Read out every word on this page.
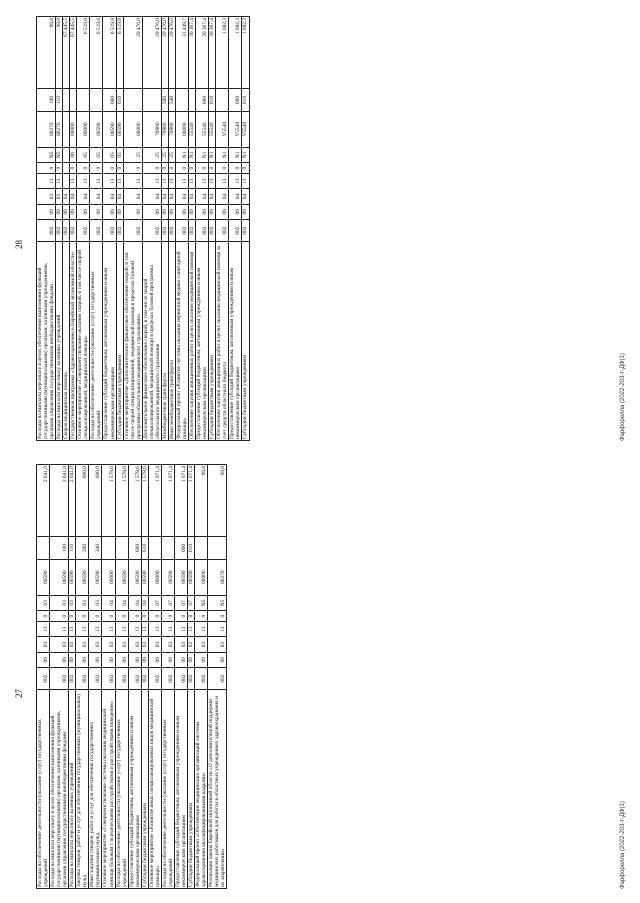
27
Расходы на обеспечение деятельности (оказание услуг) государственных учреждений	002	09	03	13	0	03	00590		2 641,0
Расходы на выплаты персоналу в целях обеспечения выполнения функций государственными (муниципальными) органами, казенными учреждениями, органами управления государственными внебюджетными фондами	002	09	03	13	0	03	00590	100	2 041,0
Расходы на выплаты персоналу казенных учреждений	002	09	03	13	0	03	00590	110	2 041,0
Закупка товаров, работ и услуг для обеспечения государственных (муниципальных) нужд	002	09	03	13	0	03	00590	200	600,0
Иные закупки товаров, работ и услуг для обеспечения государственных (муниципальных) нужд	002	09	03	13	0	03	00590	240	600,0
Основное мероприятие «Совершенствование системы оказания медицинской помощи больным с психическими расстройствами и расстройствами поведения»	002	09	03	13	0	04	00000		1 578,6
Расходы на обеспечение деятельности (оказание услуг) государственных учреждений	002	09	03	13	0	04	00590		1 578,6
Предоставление субсидий бюджетным, автономным учреждениям и иным некоммерческим организациям	002	09	03	13	0	04	00590	600	1 578,6
Субсидии бюджетным учреждениям	002	09	03	13	0	04	00590	610	1 578,6
Основное мероприятие «Развитие иных специализированных видов медицинской помощи»	002	09	03	13	0	07	00000		1 071,4
Расходы на обеспечение деятельности (оказание услуг) государственных учреждений	002	09	03	13	0	07	00590		1 071,4
Предоставление субсидий бюджетным, автономным учреждениям и иным некоммерческим организациям	002	09	03	13	0	07	00590	600	1 071,4
Субсидии бюджетным учреждениям	002	09	03	13	0	07	00590	610	1 071,4
Федеральный проект «Обеспечение медицинских организаций системы здравоохранения квалифицированными кадрами»	002	09	03	13	0	N5	00000		98,8
Реализация закона Еврейской автономной области «О дополнительной поддержке медицинских работников для работы в областных учреждениях здравоохранения и их закреплении»	002	09	03	13	0	N5	86270		98,8
Фарфорелла (2022-203-т-ДФ(1)
28
Расходы на выплаты персоналу в целях обеспечения выполнения функций государственными (муниципальными) органами, казенными учреждениями, органами управления государственными внебюджетными фондами	002	09	03	13	0	N5	86270	100	98,8
Расходы на выплаты персоналу казенных учреждений	002	09	03	13	0	N5	86270	110	98,8
Скорая медицинская помощь	002	09	04						67 445,5
Государственная программа «Здравоохранение в Еврейской автономной области»	002	09	04	13	0	00	00000		67 445,5
Основное мероприятие «Совершенствование оказания скорой, в том числе скорой специализированной, медицинской помощи»	002	09	04	13	0	05	00000		6 519,8
Расходы на обеспечение деятельности (оказание услуг) государственных учреждений	002	09	04	13	0	05	00590		6 519,8
Предоставление субсидий бюджетным, автономным учреждениям и иным некоммерческим организациям	002	09	04	13	0	05	00590	600	6 519,8
Субсидии бюджетным учреждениям	002	09	04	13	0	05	00590	610	6 519,8
Основное мероприятие «Дополнительное финансовое обеспечение скорой, в том числе скорой специализированной, медицинской помощи в пределах базовой программы обязательного медицинского страхования»	002	09	04	13	0	25	00000		29 476,0
Дополнительное финансовое обеспечение скорой, в том числе скорой специализированной, медицинской помощи в пределах базовой программы обязательного медицинского страхования	002	09	04	13	0	25	70960		29 476,0
Межбюджетные трансферты	002	09	04	13	0	25	70960	500	29 476,0
Иные межбюджетные трансферты	002	09	04	13	0	25	70960	540	29 476,0
Федеральный проект «Развитие системы оказания первичной медико-санитарной помощи»	002	09	04	13	0	N1	00000		31 449,7
Обеспечение закупки авиационных работ в целях оказания медицинской помощи	002	09	04	13	0	N1	55540		30 367,4
Предоставление субсидий бюджетным, автономным учреждениям и иным некоммерческим организациям	002	09	04	13	0	N1	55540	600	30 367,4
Субсидии бюджетным учреждениям	002	09	04	13	0	N1	55540	610	30 367,4
Обеспечение закупки авиационных работ в целях оказания медицинской помощи за счет средств областного бюджета	002	09	04	13	0	N1	V5540		1 082,3
Предоставление субсидий бюджетным, автономным учреждениям и иным некоммерческим организациям	002	09	04	13	0	N1	V5540	600	1 082,3
Субсидии бюджетным учреждениям	002	09	04	13	0	N1	V5540	610	1 082,3
Фарфорелла (2022-203-т-ДФ(1)
